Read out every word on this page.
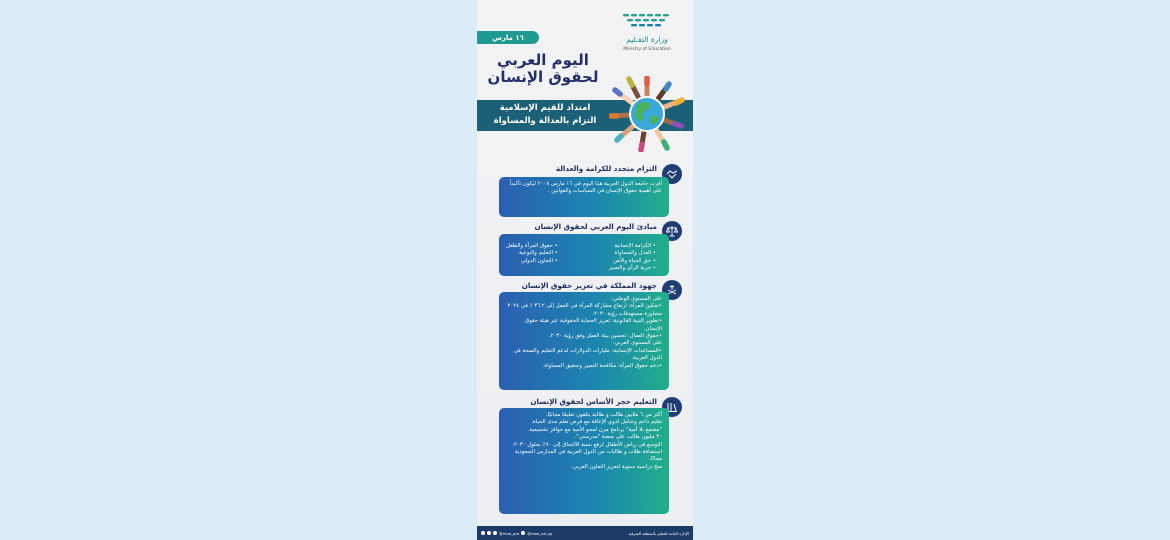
١٦ مارس	وزارة التعـليم
Ministry of Education
اليوم العربي
لحقوق الإنسان
امتداد للقيم الإسلامية
التزام بالعدالة والمساواة
التزام متجدد للكرامة والعدالة

أقرت جامعة الدول العربية هذا اليوم في ١٦ مارس ٢٠٠٨ ليكون تأكيداً على أهمية حقوق الإنسان في السياسات والقوانين .

مبادئ اليوم العربي لحقوق الإنسان
• الكرامة الإنسانية
• العدل والمساواة
• حق الحياة والأمن
• حرية الرأي والتعبير
• حقوق المرأة والطفل
• التعليم والتوعية
• التعاون الدولي
جهود المملكة في تعزيز حقوق الإنسان

على المستوى الوطني:

•تمكين المرأة: ارتفاع مشاركة المرأة في العمل إلى ٣٦.٢ ٪ في ٢٠٢٤ متجاوزة مستهدفات رؤية ٢٠٣٠.

•تطوير البنية القانونية: تعزيز الحماية الحقوقية عبر هيئة حقوق الإنسان.

•حقوق العمال: تحسين بيئة العمل وفق رؤية ٢٠٣٠.

على المستوى العربي:

•المساعدات الإنسانية: مليارات الدولارات لدعم التعليم والصحة في الدول العربية.

•دعم حقوق المرأة: مكافحة التمييز وتحقيق المساواة.

التعليم حجر الأساس لحقوق الإنسان

أكثر من ٦ ملايين طالب و طالبة يتلقون تعليمًا مجانيًا.

تعليم داعم وشامل لذوي الإعاقة مع فرص تعلم مدى الحياة.

"مجتمع بلا أمية" برنامج مرن لمحو الأمية مع حوافز تشجيعية.

٣٠ مليون طالب على منصة "مدرستي".

التوسع في رياض الأطفال لرفع نسبة الالتحاق إلى ٩٠٪ بحلول ٢٠٣٠.

استضافة طلاب و طالبات من الدول العربية في المدارس السعودية مجانًا.

منح دراسية سنوية لتعزيز التعاون العربي.

الإدارة العامة للتعليم بالمنطقة الشرقية
@moe_pro @moe_ed_sp
